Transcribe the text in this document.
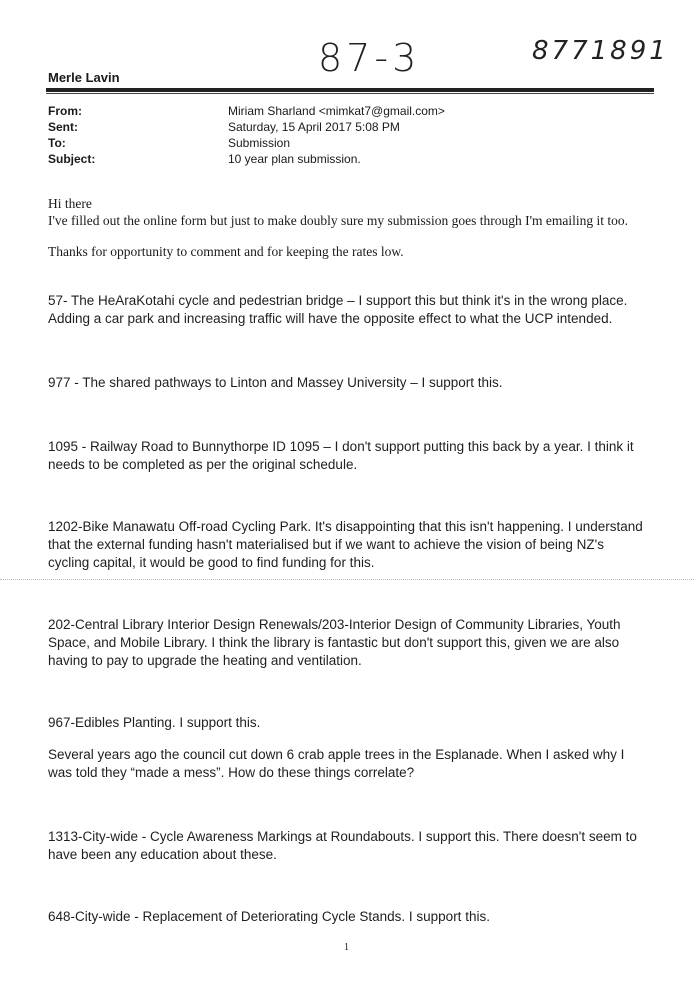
87-3	8771891
Merle Lavin
From:	Miriam Sharland <mimkat7@gmail.com>
Sent:	Saturday, 15 April 2017 5:08 PM
To:	Submission
Subject:	10 year plan submission.
Hi there
I've filled out the online form but just to make doubly sure my submission goes through I'm emailing it too.
Thanks for opportunity to comment and for keeping the rates low.
57- The HeAraKotahi cycle and pedestrian bridge – I support this but think it's in the wrong place. Adding a car park and increasing traffic will have the opposite effect to what the UCP intended.
977 - The shared pathways to Linton and Massey University – I support this.
1095 - Railway Road to Bunnythorpe ID 1095 – I don't support putting this back by a year. I think it needs to be completed as per the original schedule.
1202-Bike Manawatu Off-road Cycling Park. It's disappointing that this isn't happening. I understand that the external funding hasn't materialised but if we want to achieve the vision of being NZ's cycling capital, it would be good to find funding for this.
202-Central Library Interior Design Renewals/203-Interior Design of Community Libraries, Youth Space, and Mobile Library. I think the library is fantastic but don't support this, given we are also having to pay to upgrade the heating and ventilation.
967-Edibles Planting. I support this.
Several years ago the council cut down 6 crab apple trees in the Esplanade. When I asked why I was told they “made a mess”. How do these things correlate?
1313-City-wide - Cycle Awareness Markings at Roundabouts. I support this. There doesn't seem to have been any education about these.
648-City-wide - Replacement of Deteriorating Cycle Stands. I support this.
1
